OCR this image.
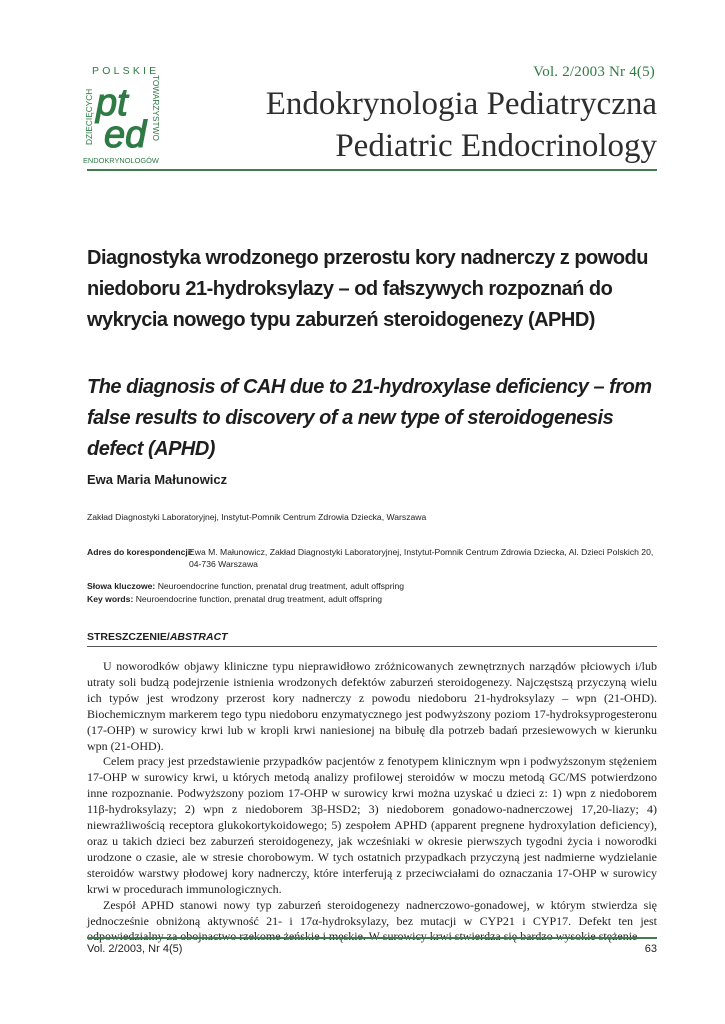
POLSKIE
DZIECIĘCYCH	TOWARZYSTWO
ENDOKRYNOLOGÓW
pt
ed
Vol. 2/2003 Nr 4(5)
Endokrynologia Pediatryczna
Pediatric Endocrinology
Diagnostyka wrodzonego przerostu kory nadnerczy z powodu niedoboru 21-hydroksylazy – od fałszywych rozpoznań do wykrycia nowego typu zaburzeń steroidogenezy (APHD)
The diagnosis of CAH due to 21-hydroxylase deficiency – from false results to discovery of a new type of steroidogenesis defect (APHD)
Ewa Maria Małunowicz
Zakład Diagnostyki Laboratoryjnej, Instytut-Pomnik Centrum Zdrowia Dziecka, Warszawa
Adres do korespondencji:
Ewa M. Małunowicz, Zakład Diagnostyki Laboratoryjnej, Instytut-Pomnik Centrum Zdrowia Dziecka, Al. Dzieci Polskich 20, 04-736 Warszawa
Słowa kluczowe: Neuroendocrine function, prenatal drug treatment, adult offspring
Key words: Neuroendocrine function, prenatal drug treatment, adult offspring
STRESZCZENIE/ABSTRACT

U noworodków objawy kliniczne typu nieprawidłowo zróżnicowanych zewnętrznych narządów płciowych i/lub utraty soli budzą podejrzenie istnienia wrodzonych defektów zaburzeń steroidogenezy. Najczęstszą przyczyną wielu ich typów jest wrodzony przerost kory nadnerczy z powodu niedoboru 21-hydroksylazy – wpn (21-OHD). Biochemicznym markerem tego typu niedoboru enzymatycznego jest podwyższony poziom 17-hydroksyprogesteronu (17-OHP) w surowicy krwi lub w kropli krwi naniesionej na bibułę dla potrzeb badań przesiewowych w kierunku wpn (21-OHD).

Celem pracy jest przedstawienie przypadków pacjentów z fenotypem klinicznym wpn i podwyższonym stężeniem 17-OHP w surowicy krwi, u których metodą analizy profilowej steroidów w moczu metodą GC/MS potwierdzono inne rozpoznanie. Podwyższony poziom 17-OHP w surowicy krwi można uzyskać u dzieci z: 1) wpn z niedoborem 11β-hydroksylazy; 2) wpn z niedoborem 3β-HSD2; 3) niedoborem gonadowo-nadnerczowej 17,20-liazy; 4) niewrażliwością receptora glukokortykoidowego; 5) zespołem APHD (apparent pregnene hydroxylation deficiency), oraz u takich dzieci bez zaburzeń steroidogenezy, jak wcześniaki w okresie pierwszych tygodni życia i noworodki urodzone o czasie, ale w stresie chorobowym. W tych ostatnich przypadkach przyczyną jest nadmierne wydzielanie steroidów warstwy płodowej kory nadnerczy, które interferują z przeciwciałami do oznaczania 17-OHP w surowicy krwi w procedurach immunologicznych.

Zespół APHD stanowi nowy typ zaburzeń steroidogenezy nadnerczowo-gonadowej, w którym stwierdza się jednocześnie obniżoną aktywność 21- i 17α-hydroksylazy, bez mutacji w CYP21 i CYP17. Defekt ten jest

Vol. 2/2003, Nr 4(5)	63
